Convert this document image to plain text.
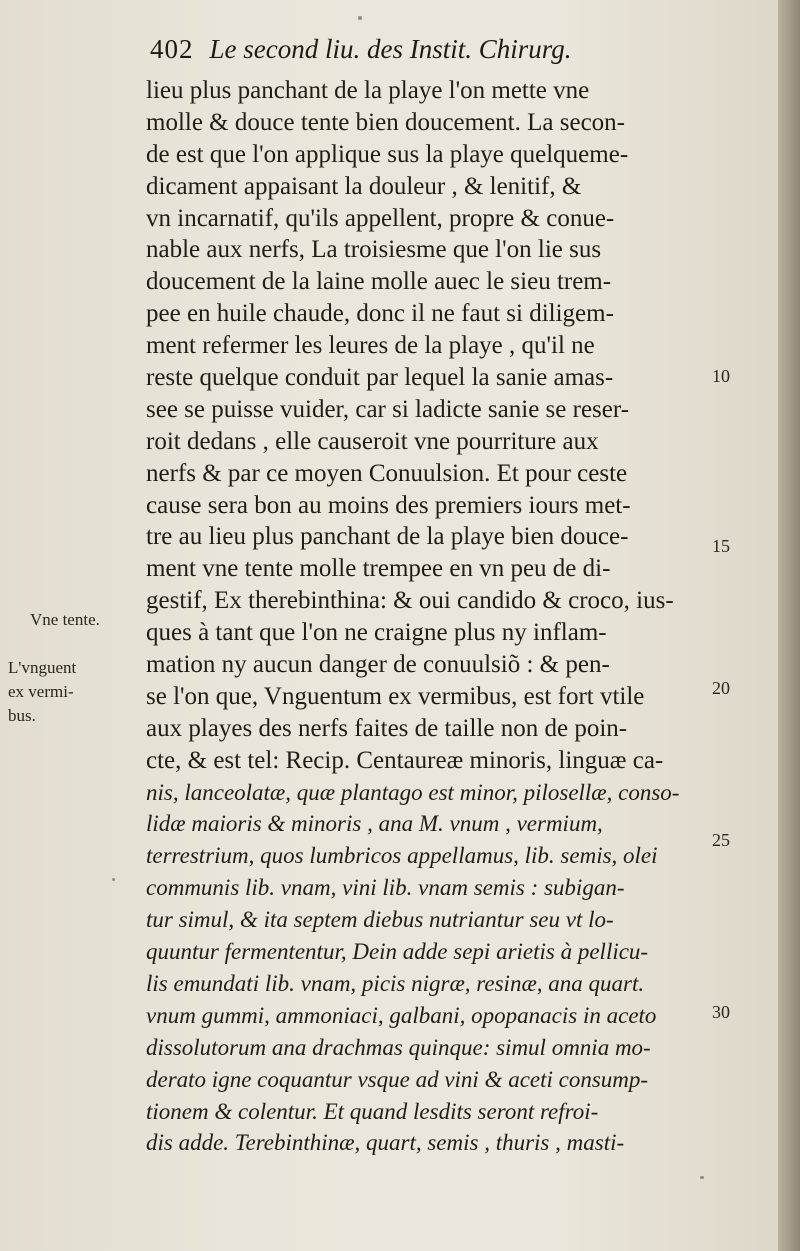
402 Le second liu. des Instit. Chirurg.
lieu plus panchant de la playe l'on mette vne
molle & douce tente bien doucement. La secon-
de est que l'on applique sus la playe quelqueme-
dicament appaisant la douleur , & lenitif, &
vn incarnatif, qu'ils appellent, propre & conue-
nable aux nerfs, La troisiesme que l'on lie sus
doucement de la laine molle auec le sieu trem-
pee en huile chaude, donc il ne faut si diligem-
ment refermer les leures de la playe , qu'il ne
reste quelque conduit par lequel la sanie amas-
see se puisse vuider, car si ladicte sanie se reser-
roit dedans , elle causeroit vne pourriture aux
nerfs & par ce moyen Conuulsion. Et pour ceste
cause sera bon au moins des premiers iours met-
tre au lieu plus panchant de la playe bien douce-
ment vne tente molle trempee en vn peu de di-
gestif, Ex therebinthina: & oui candido & croco, ius-
ques à tant que l'on ne craigne plus ny inflam-
mation ny aucun danger de conuulsiõ : & pen-
se l'on que, Vnguentum ex vermibus, est fort vtile
aux playes des nerfs faites de taille non de poin-
cte, & est tel: Recip. Centaureæ minoris, linguæ ca-
nis, lanceolatæ, quæ plantago est minor, pilosellæ, conso-
lidæ maioris & minoris , ana M. vnum , vermium,
terrestrium, quos lumbricos appellamus, lib. semis, olei
communis lib. vnam, vini lib. vnam semis : subigan-
tur simul, & ita septem diebus nutriantur seu vt lo-
quuntur fermententur, Dein adde sepi arietis à pellicu-
lis emundati lib. vnam, picis nigræ, resinæ, ana quart.
vnum gummi, ammoniaci, galbani, opopanacis in aceto
dissolutorum ana drachmas quinque: simul omnia mo-
derato igne coquantur vsque ad vini & aceti consump-
tionem & colentur. Et quand lesdits seront refroi-
dis adde. Terebinthinæ, quart, semis , thuris , masti-
Vne tente.
L'vnguent
ex vermi-
bus.
10
15
20
25
30
